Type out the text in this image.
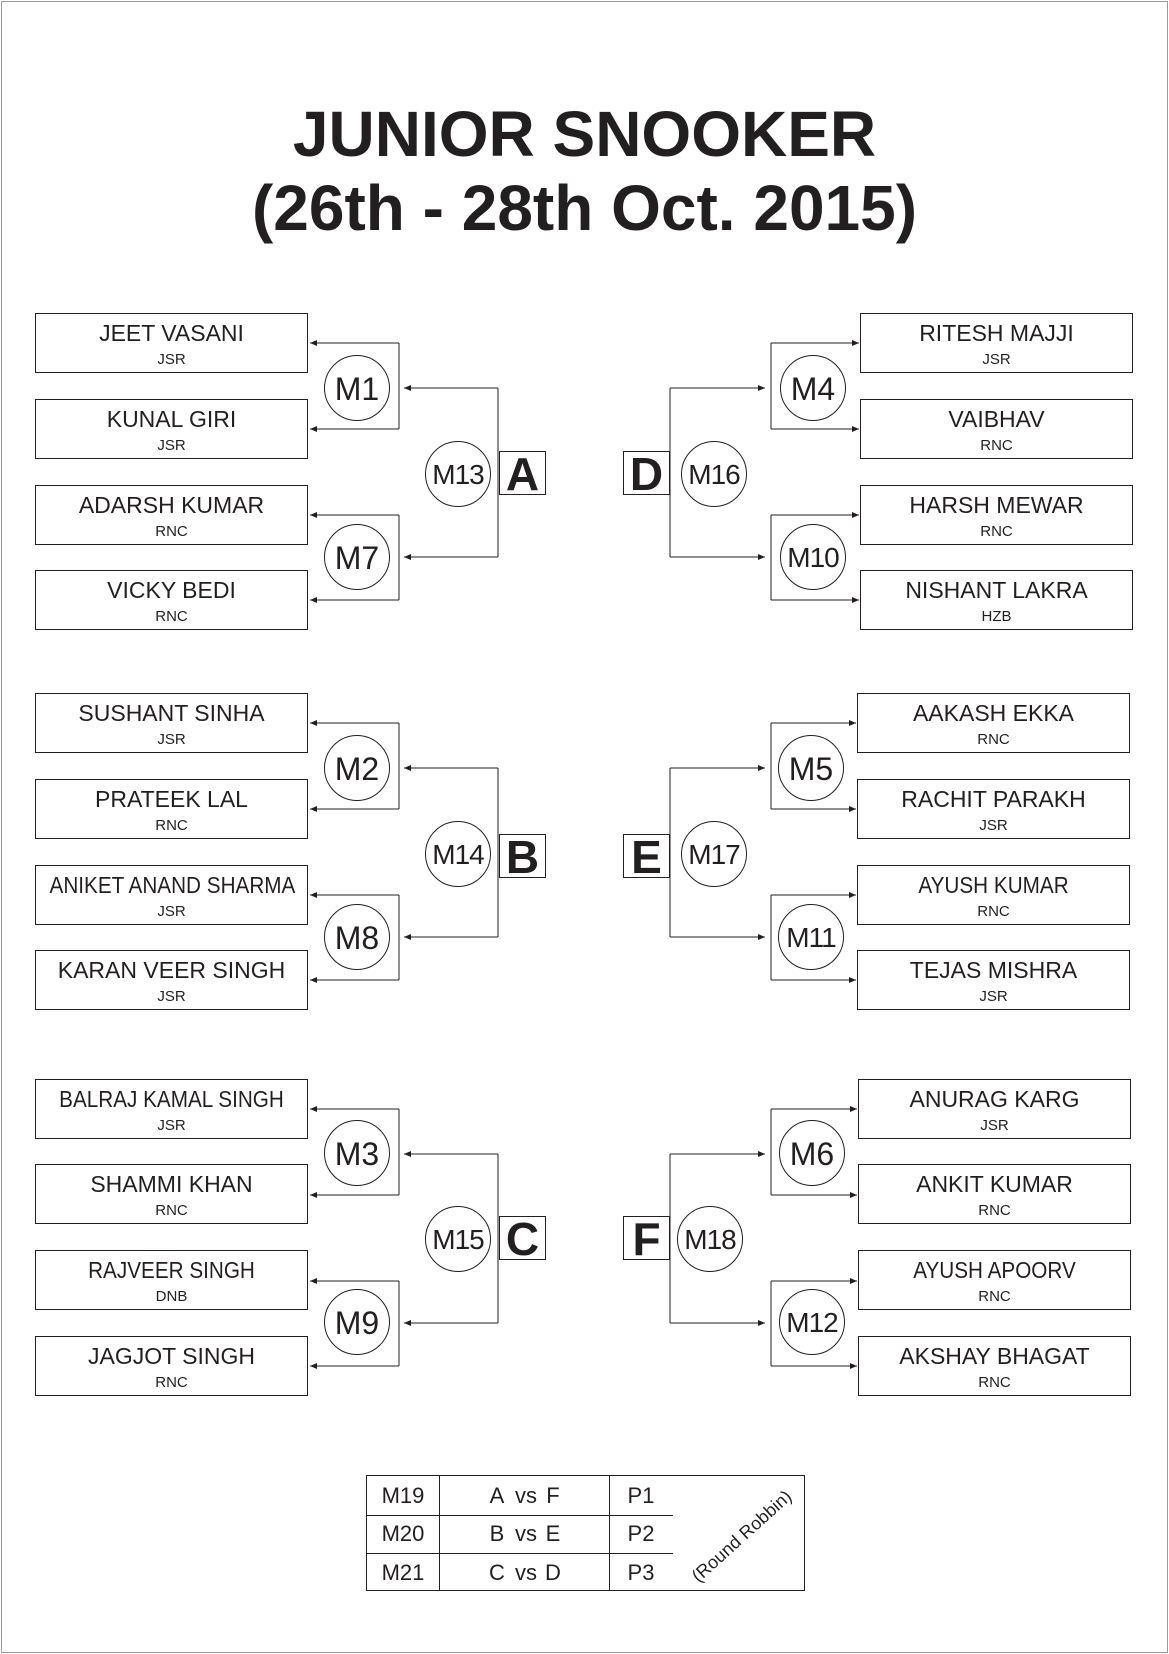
JUNIOR SNOOKER
(26th - 28th Oct. 2015)
JEET VASANI
JSR
KUNAL GIRI
JSR
ADARSH KUMAR
RNC
VICKY BEDI
RNC
M1
M7
M13 A
SUSHANT SINHA
JSR
PRATEEK LAL
RNC
ANIKET ANAND SHARMA
JSR
KARAN VEER SINGH
JSR
M2
M8
M14 B
BALRAJ KAMAL SINGH
JSR
SHAMMI KHAN
RNC
RAJVEER SINGH
DNB
JAGJOT SINGH
RNC
M3
M9
M15 C
RITESH MAJJI
JSR
VAIBHAV
RNC
HARSH MEWAR
RNC
NISHANT LAKRA
HZB
M4
M10
M16
D
AAKASH EKKA
RNC
RACHIT PARAKH
JSR
AYUSH KUMAR
RNC
TEJAS MISHRA
JSR
M5
M11
M17
E
ANURAG KARG
JSR
ANKIT KUMAR
RNC
AYUSH APOORV
RNC
AKSHAY BHAGAT
RNC
M6
M12
M18
F
M19	A vs F	P1
M20	B vs E	P2
M21	C vs D	P3	(Round Robbin)
